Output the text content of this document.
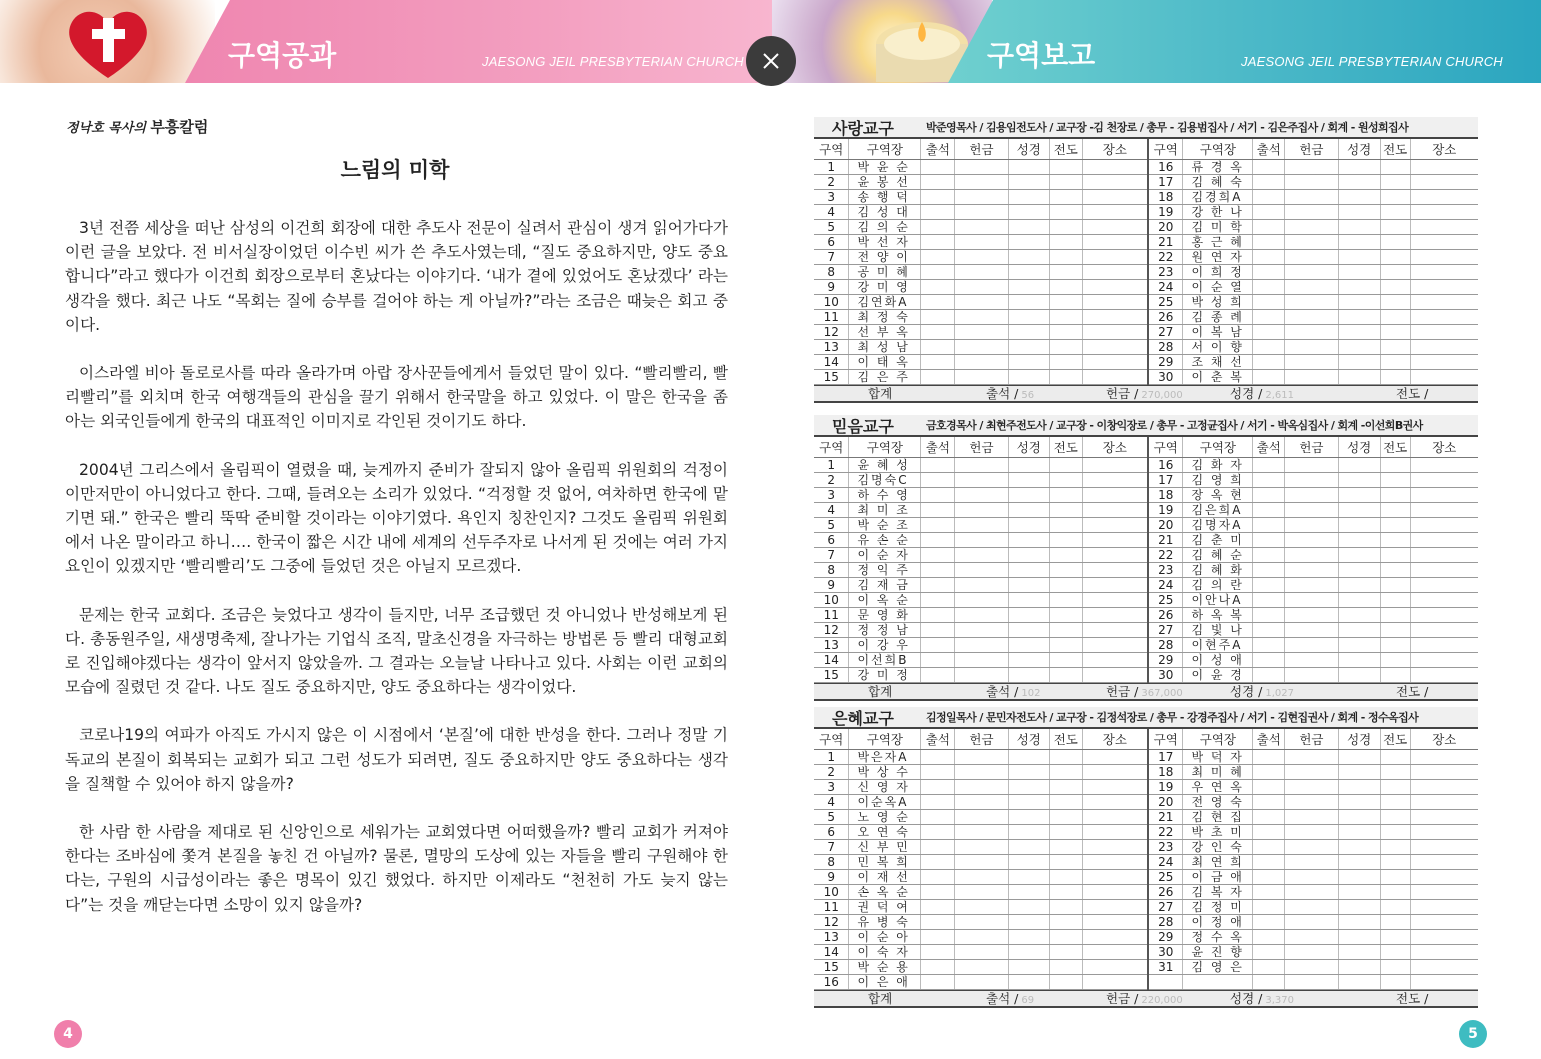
구역공과	JAESONG JEIL PRESBYTERIAN CHURCH	구역보고	JAESONG JEIL PRESBYTERIAN CHURCH
정낙호 목사의 부흥칼럼
느림의 미학

3년 전쯤 세상을 떠난 삼성의 이건희 회장에 대한 추도사 전문이 실려서 관심이 생겨 읽어가다가 이런 글을 보았다. 전 비서실장이었던 이수빈 씨가 쓴 추도사였는데, “질도 중요하지만, 양도 중요합니다”라고 했다가 이건희 회장으로부터 혼났다는 이야기다. ‘내가 곁에 있었어도 혼났겠다’ 라는 생각을 했다. 최근 나도 “목회는 질에 승부를 걸어야 하는 게 아닐까?”라는 조금은 때늦은 회고 중이다.

이스라엘 비아 돌로로사를 따라 올라가며 아랍 장사꾼들에게서 들었던 말이 있다. “빨리빨리, 빨리빨리”를 외치며 한국 여행객들의 관심을 끌기 위해서 한국말을 하고 있었다. 이 말은 한국을 좀 아는 외국인들에게 한국의 대표적인 이미지로 각인된 것이기도 하다.

2004년 그리스에서 올림픽이 열렸을 때, 늦게까지 준비가 잘되지 않아 올림픽 위원회의 걱정이 이만저만이 아니었다고 한다. 그때, 들려오는 소리가 있었다. “걱정할 것 없어, 여차하면 한국에 맡기면 돼.” 한국은 빨리 뚝딱 준비할 것이라는 이야기였다. 욕인지 칭찬인지? 그것도 올림픽 위원회에서 나온 말이라고 하니…. 한국이 짧은 시간 내에 세계의 선두주자로 나서게 된 것에는 여러 가지 요인이 있겠지만 ‘빨리빨리’도 그중에 들었던 것은 아닐지 모르겠다.

문제는 한국 교회다. 조금은 늦었다고 생각이 들지만, 너무 조급했던 것 아니었나 반성해보게 된다. 총동원주일, 새생명축제, 잘나가는 기업식 조직, 말초신경을 자극하는 방법론 등 빨리 대형교회로 진입해야겠다는 생각이 앞서지 않았을까. 그 결과는 오늘날 나타나고 있다. 사회는 이런 교회의 모습에 질렸던 것 같다. 나도 질도 중요하지만, 양도 중요하다는 생각이었다.

코로나19의 여파가 아직도 가시지 않은 이 시점에서 ‘본질’에 대한 반성을 한다. 그러나 정말 기독교의 본질이 회복되는 교회가 되고 그런 성도가 되려면, 질도 중요하지만 양도 중요하다는 생각을 질책할 수 있어야 하지 않을까?

한 사람 한 사람을 제대로 된 신앙인으로 세워가는 교회였다면 어떠했을까? 빨리 교회가 커져야 한다는 조바심에 쫓겨 본질을 놓친 건 아닐까? 물론, 멸망의 도상에 있는 자들을 빨리 구원해야 한다는, 구원의 시급성이라는 좋은 명목이 있긴 했었다. 하지만 이제라도 “천천히 가도 늦지 않는다”는 것을 깨닫는다면 소망이 있지 않을까?

4	5
사랑교구	박준영목사 / 김용임전도사 / 교구장 -김 천장로 / 총무 - 김용범집사 / 서기 - 김은주집사 / 회계 - 원성희집사
구역	구역장	출석	헌금	성경	전도	장소	구역	구역장	출석	헌금	성경	전도	장소
1	박 윤 순						16	류 경 옥					
2	윤 봉 선						17	김 혜 숙					
3	송 행 덕						18	김경희A					
4	김 성 대						19	강 한 나					
5	김 의 순						20	김 미 학					
6	박 선 자						21	홍 근 혜					
7	전 양 이						22	원 연 자					
8	공 미 혜						23	이 희 정					
9	강 미 영						24	이 순 열					
10	김연화A						25	박 성 희					
11	최 정 숙						26	김 종 례					
12	선 부 옥						27	이 복 남					
13	최 성 남						28	서 이 향					
14	이 태 옥						29	조 채 선					
15	김 은 주						30	이 춘 복					
합계	출석 / 56	헌금 / 270,000	성경 / 2,611	전도 /
믿음교구	금호경목사 / 최현주전도사 / 교구장 - 이창익장로 / 총무 - 고정균집사 / 서기 - 박옥심집사 / 회계 -이선희B권사
구역	구역장	출석	헌금	성경	전도	장소	구역	구역장	출석	헌금	성경	전도	장소
1	윤 혜 성						16	김 화 자					
2	김명숙C						17	김 영 희					
3	하 수 영						18	장 옥 현					
4	최 미 조						19	김은희A					
5	박 순 조						20	김명자A					
6	유 손 순						21	김 춘 미					
7	이 순 자						22	김 혜 순					
8	정 익 주						23	김 혜 화					
9	김 재 금						24	김 의 란					
10	이 옥 순						25	이안나A					
11	문 영 화						26	하 옥 복					
12	정 정 남						27	김 빛 나					
13	이 강 우						28	이현주A					
14	이선희B						29	이 성 애					
15	강 미 정						30	이 윤 경					
합계	출석 / 102	헌금 / 367,000	성경 / 1,027	전도 /
은혜교구	김정일목사 / 문민자전도사 / 교구장 - 김정석장로 / 총무 - 강경주집사 / 서기 - 김현집권사 / 회계 - 정수옥집사
구역	구역장	출석	헌금	성경	전도	장소	구역	구역장	출석	헌금	성경	전도	장소
1	박은자A						17	박 덕 자					
2	박 상 수						18	최 미 혜					
3	신 영 자						19	우 연 옥					
4	이순옥A						20	전 영 숙					
5	노 영 순						21	김 현 집					
6	오 연 숙						22	박 초 미					
7	신 부 민						23	강 인 숙					
8	민 복 희						24	최 연 희					
9	이 재 선						25	이 금 애					
10	손 옥 순						26	김 복 자					
11	권 덕 여						27	김 정 미					
12	유 병 숙						28	이 정 애					
13	이 순 아						29	정 수 옥					
14	이 숙 자						30	윤 진 향					
15	박 순 용						31	김 영 은					
16	이 은 애												
합계	출석 / 69	헌금 / 220,000	성경 / 3,370	전도 /
